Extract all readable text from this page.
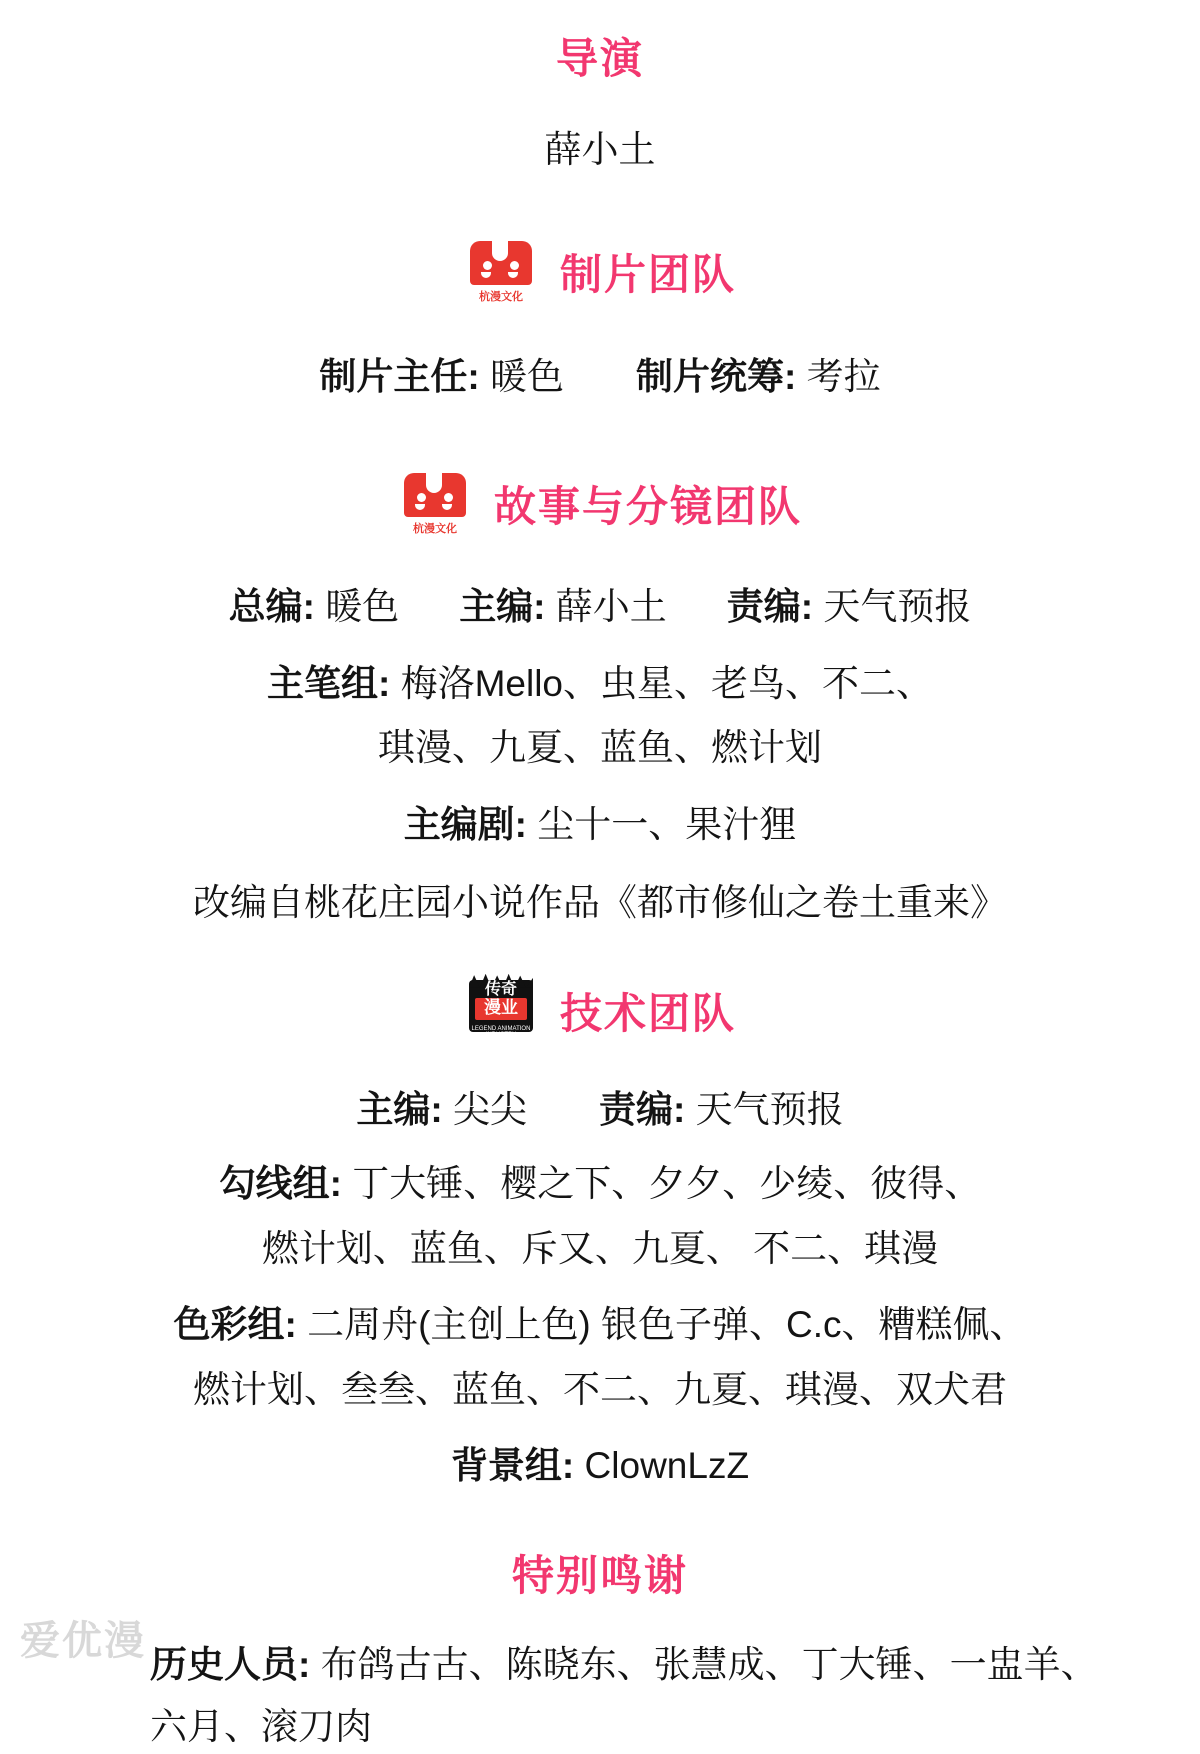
导演
薛小土
杭漫文化 制片团队
制片主任: 暖色 制片统筹: 考拉
杭漫文化 故事与分镜团队
总编: 暖色 主编: 薛小土 责编: 天气预报
主笔组: 梅洛Mello、虫星、老鸟、不二、
琪漫、九夏、蓝鱼、燃计划
主编剧: 尘十一、果汁狸
改编自桃花庄园小说作品《都市修仙之卷土重来》
传奇
漫业
LEGEND ANIMATION INDUSTRY	技术团队
主编: 尖尖 责编: 天气预报
勾线组: 丁大锤、樱之下、夕夕、少绫、彼得、
燃计划、蓝鱼、斥又、九夏、 不二、琪漫
色彩组: 二周舟(主创上色) 银色子弹、C.c、糟糕佩、
燃计划、叁叁、蓝鱼、不二、九夏、琪漫、双犬君
背景组: ClownLzZ
特别鸣谢
历史人员: 布鸽古古、陈晓东、张慧成、丁大锤、一盅羊、
六月、滚刀肉
爱优漫
